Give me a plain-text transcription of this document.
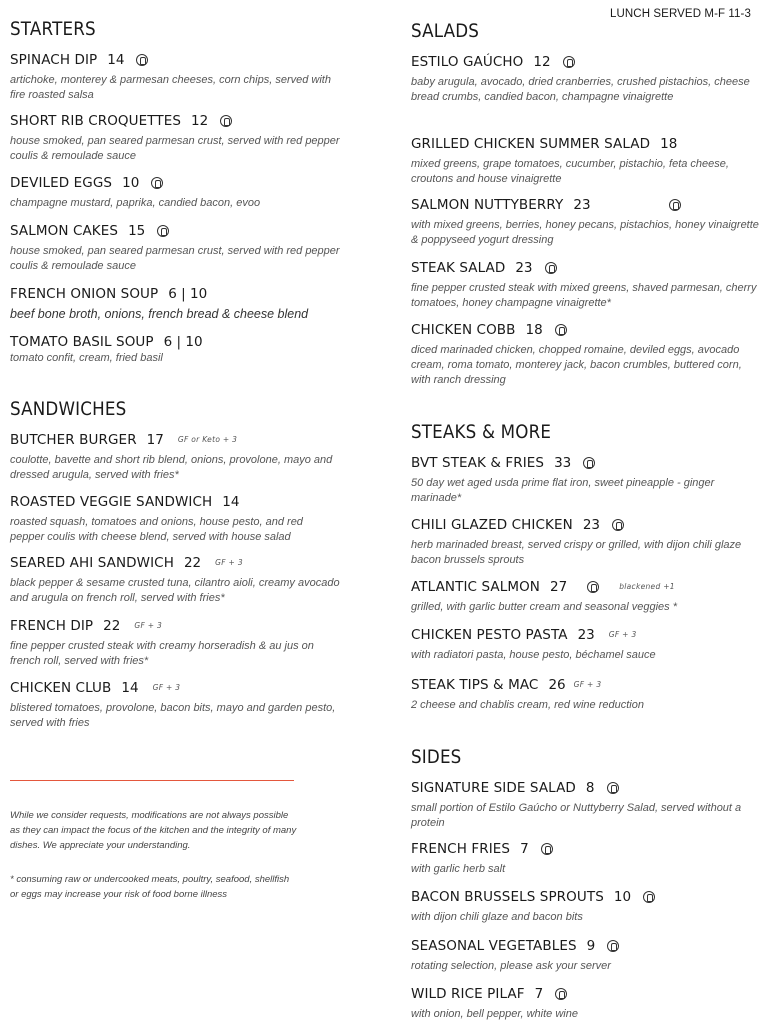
LUNCH SERVED M-F 11-3
STARTERS
SPINACH DIP 14
artichoke, monterey & parmesan cheeses, corn chips, served with fire roasted salsa
SHORT RIB CROQUETTES 12
house smoked, pan seared parmesan crust, served with red pepper coulis & remoulade sauce
DEVILED EGGS 10
champagne mustard, paprika, candied bacon, evoo
SALMON CAKES 15
house smoked, pan seared parmesan crust, served with red pepper coulis & remoulade sauce
FRENCH ONION SOUP 6 | 10
beef bone broth, onions, french bread & cheese blend
TOMATO BASIL SOUP 6 | 10
tomato confit, cream, fried basil
SANDWICHES
BUTCHER BURGER 17 GF or Keto + 3
coulotte, bavette and short rib blend, onions, provolone, mayo and dressed arugula, served with fries*
ROASTED VEGGIE SANDWICH 14
roasted squash, tomatoes and onions, house pesto, and red pepper coulis with cheese blend, served with house salad
SEARED AHI SANDWICH 22 GF + 3
black pepper & sesame crusted tuna, cilantro aioli, creamy avocado and arugula on french roll, served with fries*
FRENCH DIP 22 GF + 3
fine pepper crusted steak with creamy horseradish & au jus on french roll, served with fries*
CHICKEN CLUB 14 GF + 3
blistered tomatoes, provolone, bacon bits, mayo and garden pesto, served with fries
While we consider requests, modifications are not always possible as they can impact the focus of the kitchen and the integrity of many dishes. We appreciate your understanding.
* consuming raw or undercooked meats, poultry, seafood, shellfish or eggs may increase your risk of food borne illness
SALADS
ESTILO GAÚCHO 12
baby arugula, avocado, dried cranberries, crushed pistachios, cheese bread crumbs, candied bacon, champagne vinaigrette
GRILLED CHICKEN SUMMER SALAD 18
mixed greens, grape tomatoes, cucumber, pistachio, feta cheese, croutons and house vinaigrette
SALMON NUTTYBERRY 23
with mixed greens, berries, honey pecans, pistachios, honey vinaigrette & poppyseed yogurt dressing
STEAK SALAD 23
fine pepper crusted steak with mixed greens, shaved parmesan, cherry tomatoes, honey champagne vinaigrette*
CHICKEN COBB 18
diced marinaded chicken, chopped romaine, deviled eggs, avocado cream, roma tomato, monterey jack, bacon crumbles, buttered corn, with ranch dressing
STEAKS & MORE
BVT STEAK & FRIES 33
50 day wet aged usda prime flat iron, sweet pineapple - ginger marinade*
CHILI GLAZED CHICKEN 23
herb marinaded breast, served crispy or grilled, with dijon chili glaze bacon brussels sprouts
ATLANTIC SALMON 27	blackened +1
grilled, with garlic butter cream and seasonal veggies *
CHICKEN PESTO PASTA 23 GF + 3
with radiatori pasta, house pesto, béchamel sauce
STEAK TIPS & MAC 26 GF + 3
2 cheese and chablis cream, red wine reduction
SIDES
SIGNATURE SIDE SALAD 8
small portion of Estilo Gaúcho or Nuttyberry Salad, served without a protein
FRENCH FRIES 7
with garlic herb salt
BACON BRUSSELS SPROUTS 10
with dijon chili glaze and bacon bits
SEASONAL VEGETABLES 9
rotating selection, please ask your server
WILD RICE PILAF 7
with onion, bell pepper, white wine
